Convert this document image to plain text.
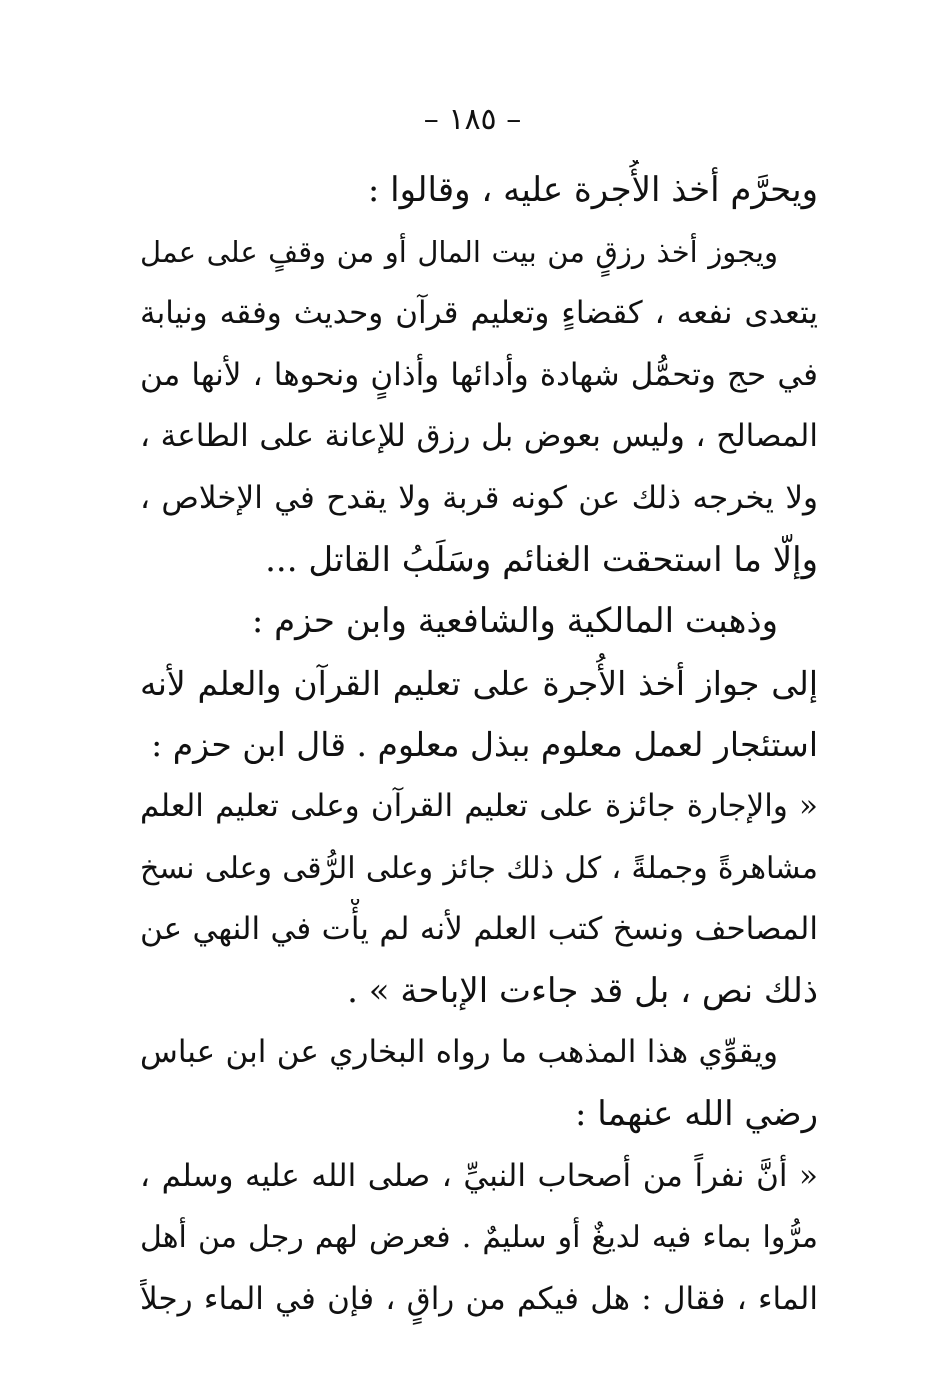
– ١٨٥ –
ويحرَّم أخذ الأُجرة عليه ، وقالوا :
ويجوز أخذ رزقٍ من بيت المال أو من وقفٍ على عمل
يتعدى نفعه ، كقضاءٍ وتعليم قرآن وحديث وفقه ونيابة
في حج وتحمُّل شهادة وأدائها وأذانٍ ونحوها ، لأنها من
المصالح ، وليس بعوض بل رزق للإعانة على الطاعة ،
ولا يخرجه ذلك عن كونه قربة ولا يقدح في الإخلاص ،
وإلّا ما استحقت الغنائم وسَلَبُ القاتل ...
وذهبت المالكية والشافعية وابن حزم :
إلى جواز أخذ الأُجرة على تعليم القرآن والعلم لأنه
استئجار لعمل معلوم ببذل معلوم . قال ابن حزم :
« والإجارة جائزة على تعليم القرآن وعلى تعليم العلم
مشاهرةً وجملةً ، كل ذلك جائز وعلى الرُّقى وعلى نسخ
المصاحف ونسخ كتب العلم لأنه لم يأْت في النهي عن
ذلك نص ، بل قد جاءت الإباحة » .
ويقوِّي هذا المذهب ما رواه البخاري عن ابن عباس
رضي الله عنهما :
« أنَّ نفراً من أصحاب النبيِّ ، صلى الله عليه وسلم ،
مرُّوا بماء فيه لديغٌ أو سليمٌ . فعرض لهم رجل من أهل
الماء ، فقال : هل فيكم من راقٍ ، فإن في الماء رجلاً
